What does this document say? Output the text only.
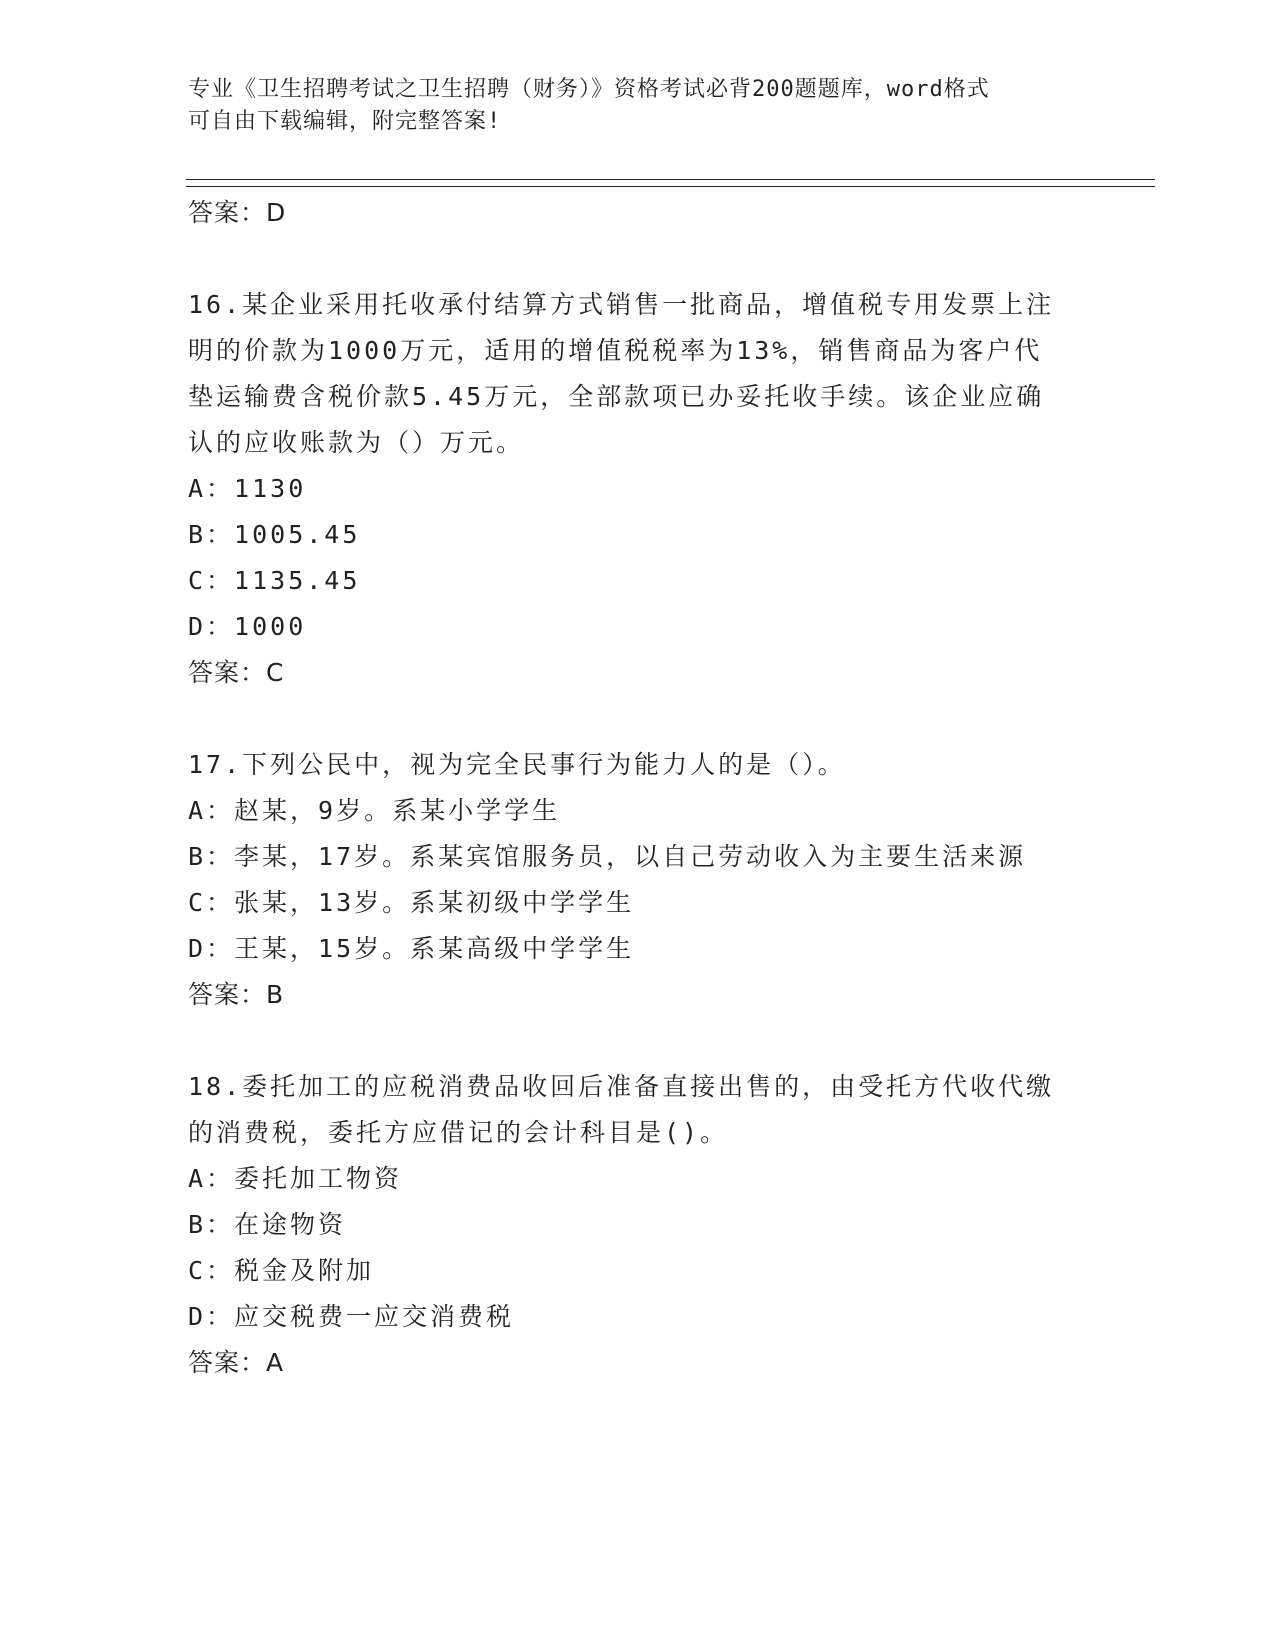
专业《卫生招聘考试之卫生招聘（财务）》资格考试必背200题题库，word格式
可自由下载编辑，附完整答案!
答案：D
16.某企业采用托收承付结算方式销售一批商品，增值税专用发票上注
明的价款为1000万元，适用的增值税税率为13%，销售商品为客户代
垫运输费含税价款5.45万元，全部款项已办妥托收手续。该企业应确
认的应收账款为（）万元。
A：1130
B：1005.45
C：1135.45
D：1000
答案：C
17.下列公民中，视为完全民事行为能力人的是（）。
A：赵某，9岁。系某小学学生
B：李某，17岁。系某宾馆服务员，以自己劳动收入为主要生活来源
C：张某，13岁。系某初级中学学生
D：王某，15岁。系某高级中学学生
答案：B
18.委托加工的应税消费品收回后准备直接出售的，由受托方代收代缴
的消费税，委托方应借记的会计科目是()。
A：委托加工物资
B：在途物资
C：税金及附加
D：应交税费一应交消费税
答案：A
